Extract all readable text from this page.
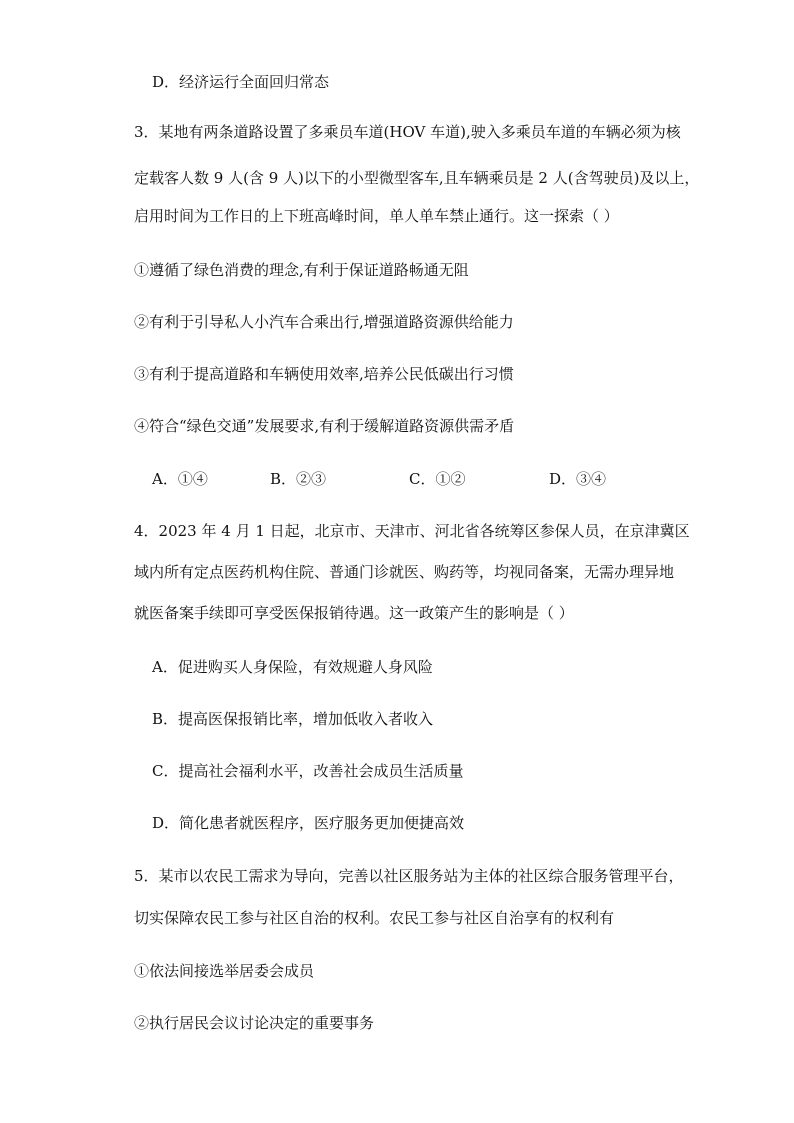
D．经济运行全面回归常态
3．某地有两条道路设置了多乘员车道(HOV 车道),驶入多乘员车道的车辆必须为核
定载客人数 9 人(含 9 人)以下的小型微型客车,且车辆乘员是 2 人(含驾驶员)及以上，
启用时间为工作日的上下班高峰时间，单人单车禁止通行。这一探索（ ）
①遵循了绿色消费的理念,有利于保证道路畅通无阻
②有利于引导私人小汽车合乘出行,增强道路资源供给能力
③有利于提高道路和车辆使用效率,培养公民低碳出行习惯
④符合“绿色交通”发展要求,有利于缓解道路资源供需矛盾
A．①④	B．②③	C．①②	D．③④
4．2023 年 4 月 1 日起，北京市、天津市、河北省各统筹区参保人员，在京津冀区
域内所有定点医药机构住院、普通门诊就医、购药等，均视同备案，无需办理异地
就医备案手续即可享受医保报销待遇。这一政策产生的影响是（ ）
A．促进购买人身保险，有效规避人身风险
B．提高医保报销比率，增加低收入者收入
C．提高社会福利水平，改善社会成员生活质量
D．简化患者就医程序，医疗服务更加便捷高效
5．某市以农民工需求为导向，完善以社区服务站为主体的社区综合服务管理平台，
切实保障农民工参与社区自治的权利。农民工参与社区自治享有的权利有
①依法间接选举居委会成员
②执行居民会议讨论决定的重要事务
